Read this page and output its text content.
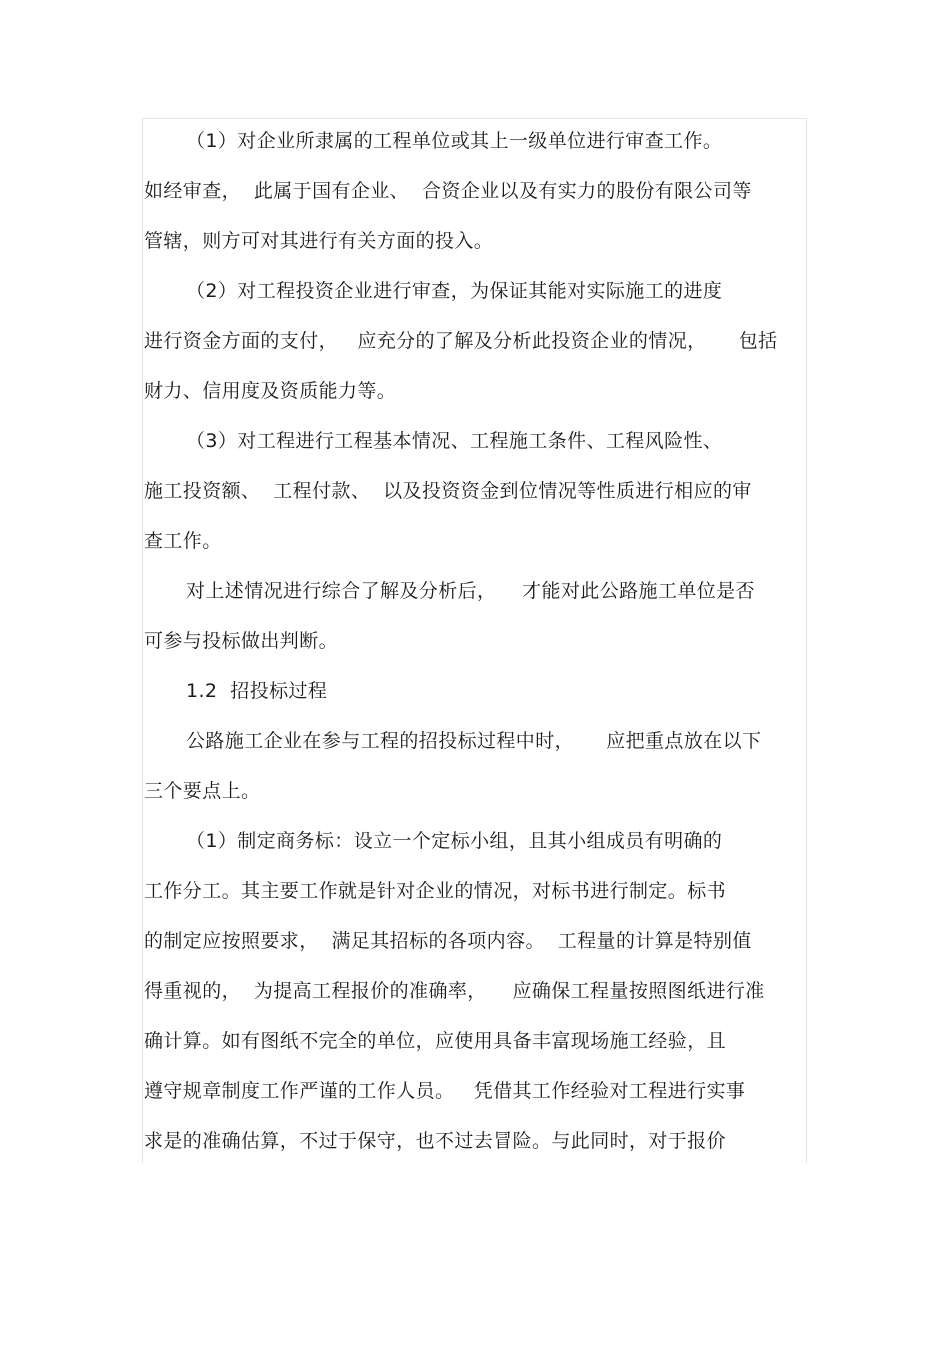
（1）对企业所隶属的工程单位或其上一级单位进行审查工作。
如经审查，  此属于国有企业、  合资企业以及有实力的股份有限公司等
管辖，则方可对其进行有关方面的投入。
（2）对工程投资企业进行审查，为保证其能对实际施工的进度
进行资金方面的支付，   应充分的了解及分析此投资企业的情况，     包括
财力、信用度及资质能力等。
（3）对工程进行工程基本情况、工程施工条件、工程风险性、
施工投资额、  工程付款、  以及投资资金到位情况等性质进行相应的审
查工作。
对上述情况进行综合了解及分析后，    才能对此公路施工单位是否
可参与投标做出判断。
1.2  招投标过程
公路施工企业在参与工程的招投标过程中时，     应把重点放在以下
三个要点上。
（1）制定商务标：设立一个定标小组，且其小组成员有明确的
工作分工。其主要工作就是针对企业的情况，对标书进行制定。标书
的制定应按照要求，  满足其招标的各项内容。  工程量的计算是特别值
得重视的，  为提高工程报价的准确率，    应确保工程量按照图纸进行准
确计算。如有图纸不完全的单位，应使用具备丰富现场施工经验，且
遵守规章制度工作严谨的工作人员。   凭借其工作经验对工程进行实事
求是的准确估算，不过于保守，也不过去冒险。与此同时，对于报价
